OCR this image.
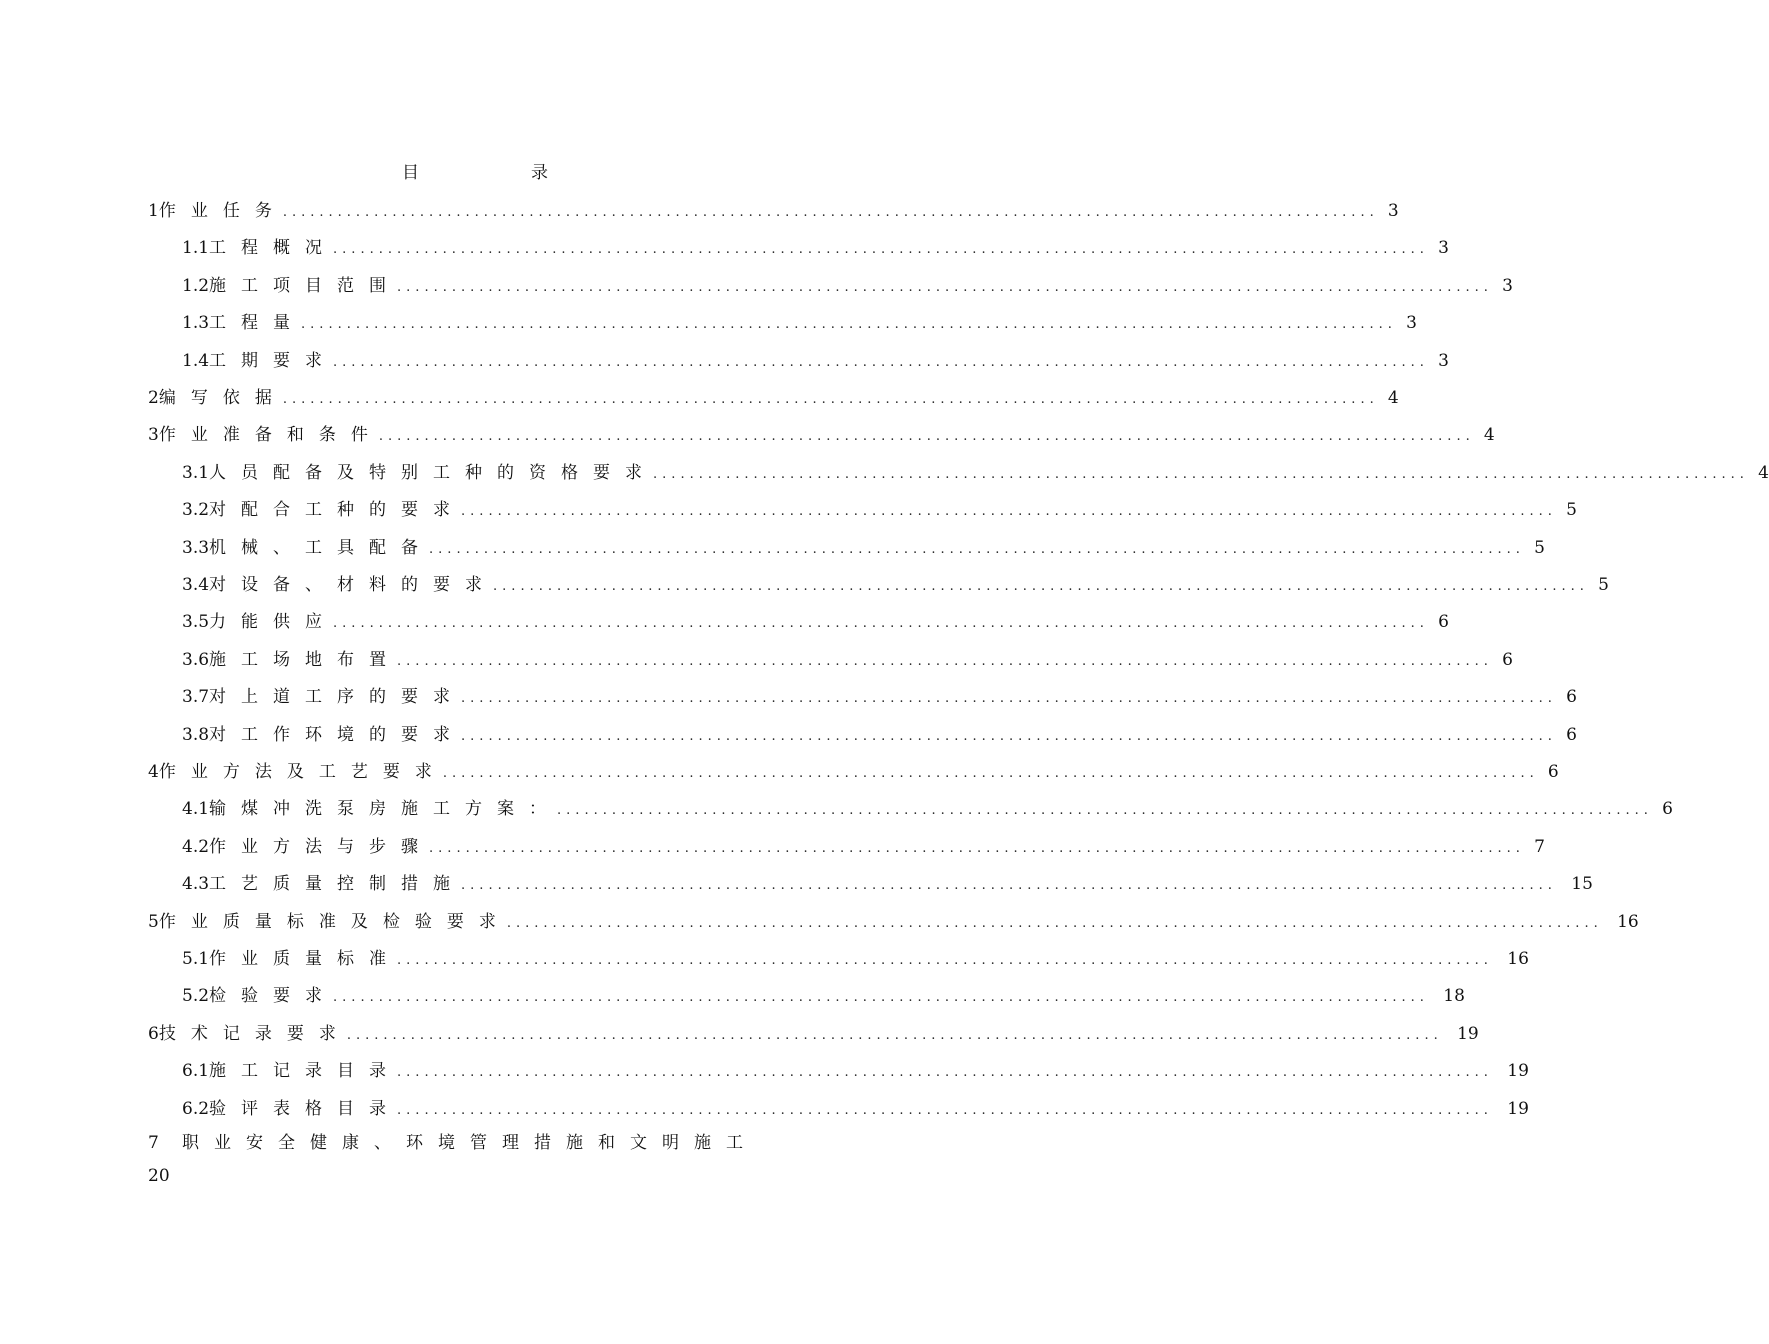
目	录
1 作业任务
........................................................................................................................ 3
1.1 工程概况
........................................................................................................................ 3
1.2 施工项目范围
........................................................................................................................ 3
1.3 工程量
........................................................................................................................ 3
1.4 工期要求
........................................................................................................................ 3
2 编写依据
........................................................................................................................ 4
3 作业准备和条件
........................................................................................................................ 4
3.1 人员配备及特别工种的资格要求
........................................................................................................................ 4
3.2 对配合工种的要求
........................................................................................................................ 5
3.3 机械、工具配备
........................................................................................................................ 5
3.4 对设备、材料的要求
........................................................................................................................ 5
3.5 力能供应
........................................................................................................................ 6
3.6 施工场地布置
........................................................................................................................ 6
3.7 对上道工序的要求
........................................................................................................................ 6
3.8 对工作环境的要求
........................................................................................................................ 6
4 作业方法及工艺要求
........................................................................................................................ 6
4.1 输煤冲洗泵房施工方案：
........................................................................................................................ 6
4.2 作业方法与步骤
........................................................................................................................ 7
4.3 工艺质量控制措施
........................................................................................................................ 15
5 作业质量标准及检验要求
........................................................................................................................ 16
5.1 作业质量标准
........................................................................................................................ 16
5.2 检验要求
........................................................................................................................ 18
6 技术记录要求
........................................................................................................................ 19
6.1 施工记录目录
........................................................................................................................ 19
6.2 验评表格目录
........................................................................................................................ 19
7	职业安全健康、环境管理措施和文明施工
20
